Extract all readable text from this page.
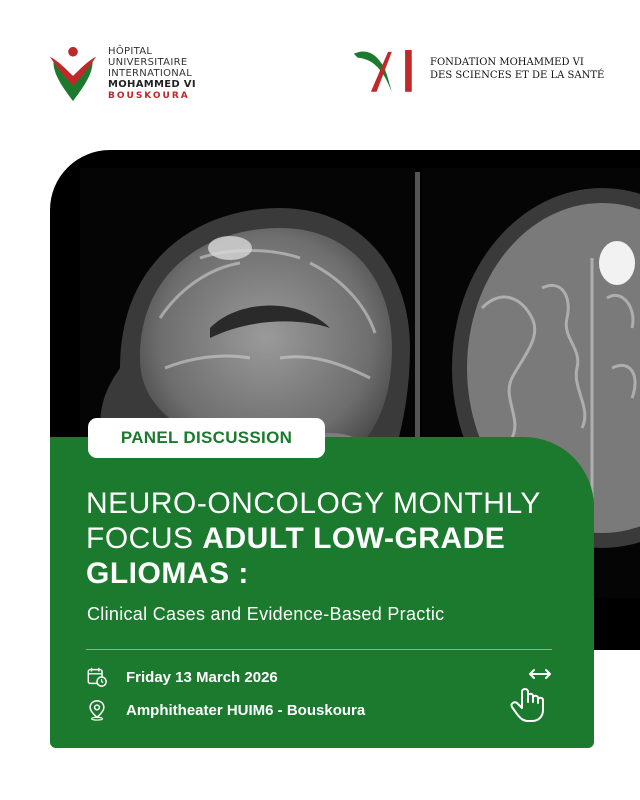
HÔPITAL
UNIVERSITAIRE
INTERNATIONAL
MOHAMMED VI
BOUSKOURA
FONDATION MOHAMMED VI
DES SCIENCES ET DE LA SANTÉ
PANEL DISCUSSION
NEURO-ONCOLOGY MONTHLY FOCUS ADULT LOW-GRADE GLIOMAS :
Clinical Cases and Evidence-Based Practic
Friday 13 March 2026
Amphitheater HUIM6 - Bouskoura
